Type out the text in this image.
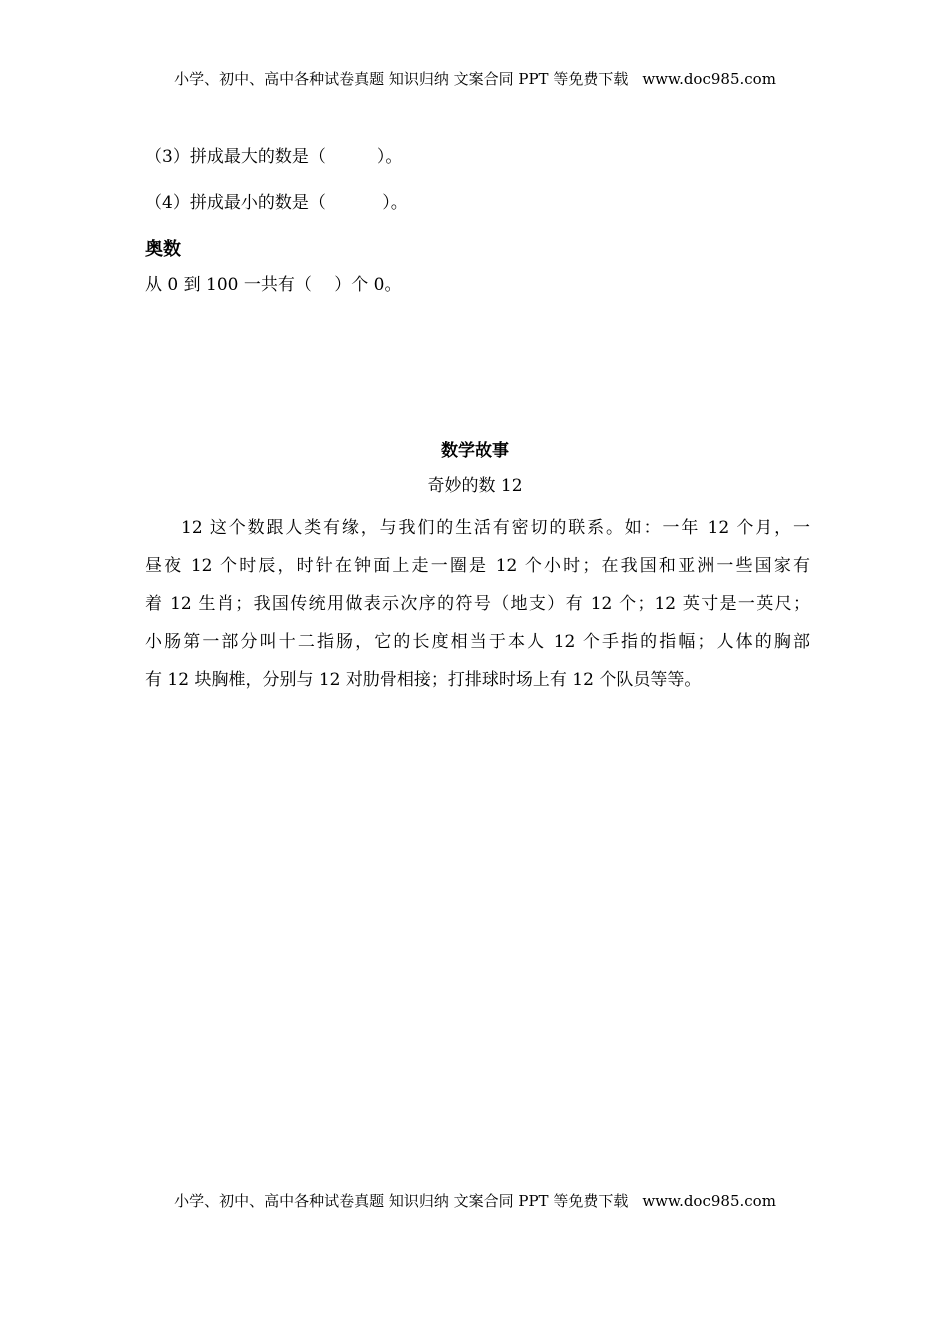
小学、初中、高中各种试卷真题 知识归纳 文案合同 PPT 等免费下载 www.doc985.com
（3）拼成最大的数是（　　　）。
（4）拼成最小的数是（　　　 ）。
奥数
从 0 到 100 一共有（　 ）个 0。
数学故事
奇妙的数 12
12 这个数跟人类有缘，与我们的生活有密切的联系。如：一年 12 个月，一
昼夜 12 个时辰，时针在钟面上走一圈是 12 个小时；在我国和亚洲一些国家有
着 12 生肖；我国传统用做表示次序的符号（地支）有 12 个；12 英寸是一英尺；
小肠第一部分叫十二指肠，它的长度相当于本人 12 个手指的指幅；人体的胸部
有 12 块胸椎，分别与 12 对肋骨相接；打排球时场上有 12 个队员等等。
小学、初中、高中各种试卷真题 知识归纳 文案合同 PPT 等免费下载 www.doc985.com
